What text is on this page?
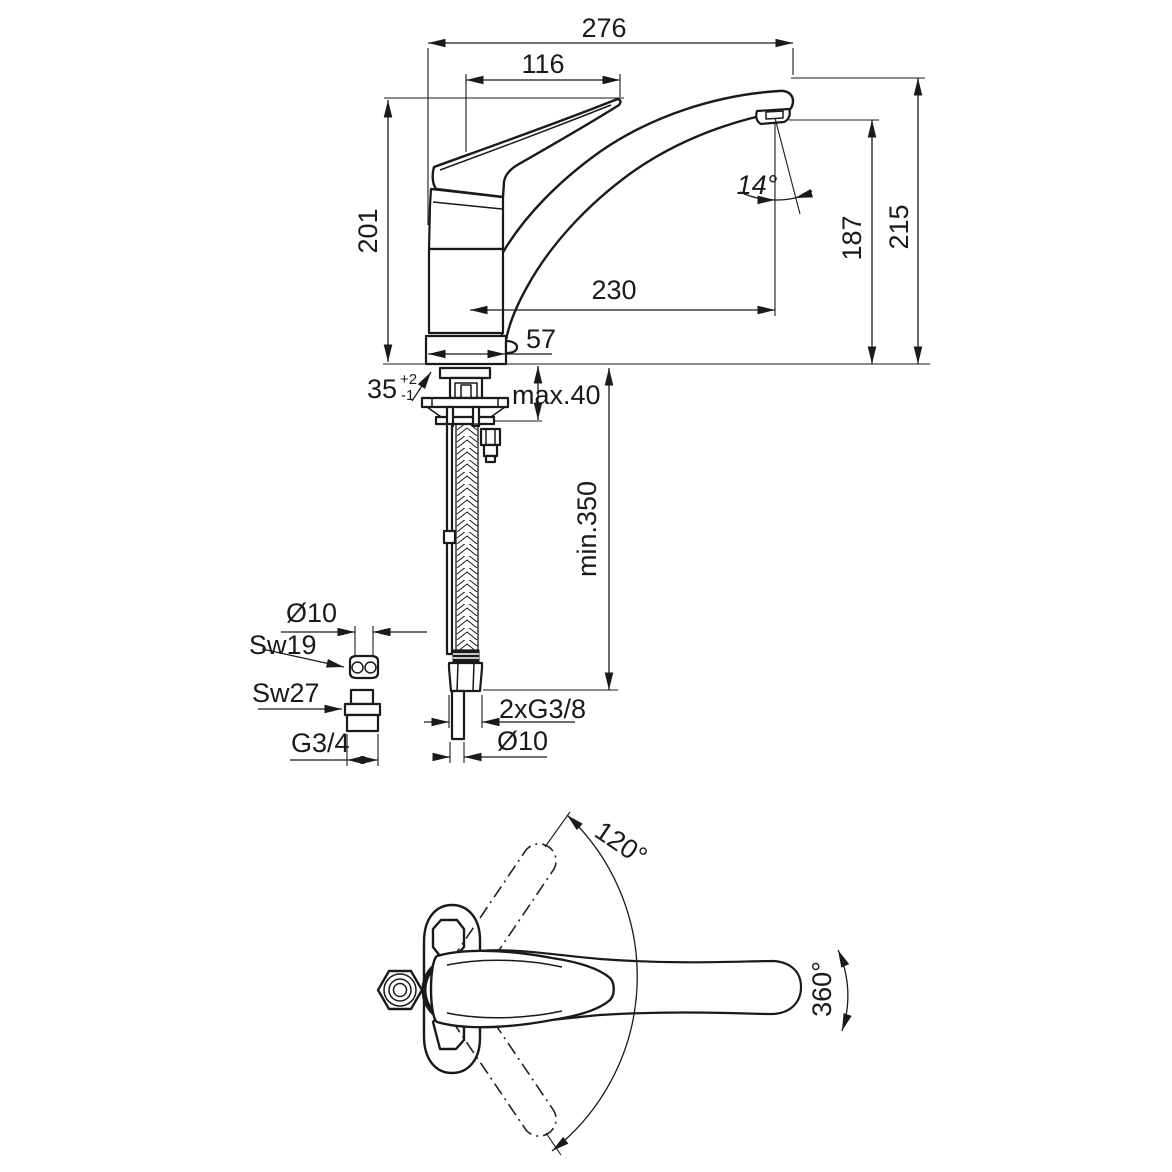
276
116
201
14°
187 215
230
57
35 +2
-1	max.40
min.350
Ø10
Sw19
Sw27
G3/4
2xG3/8
Ø10
120°
360°
